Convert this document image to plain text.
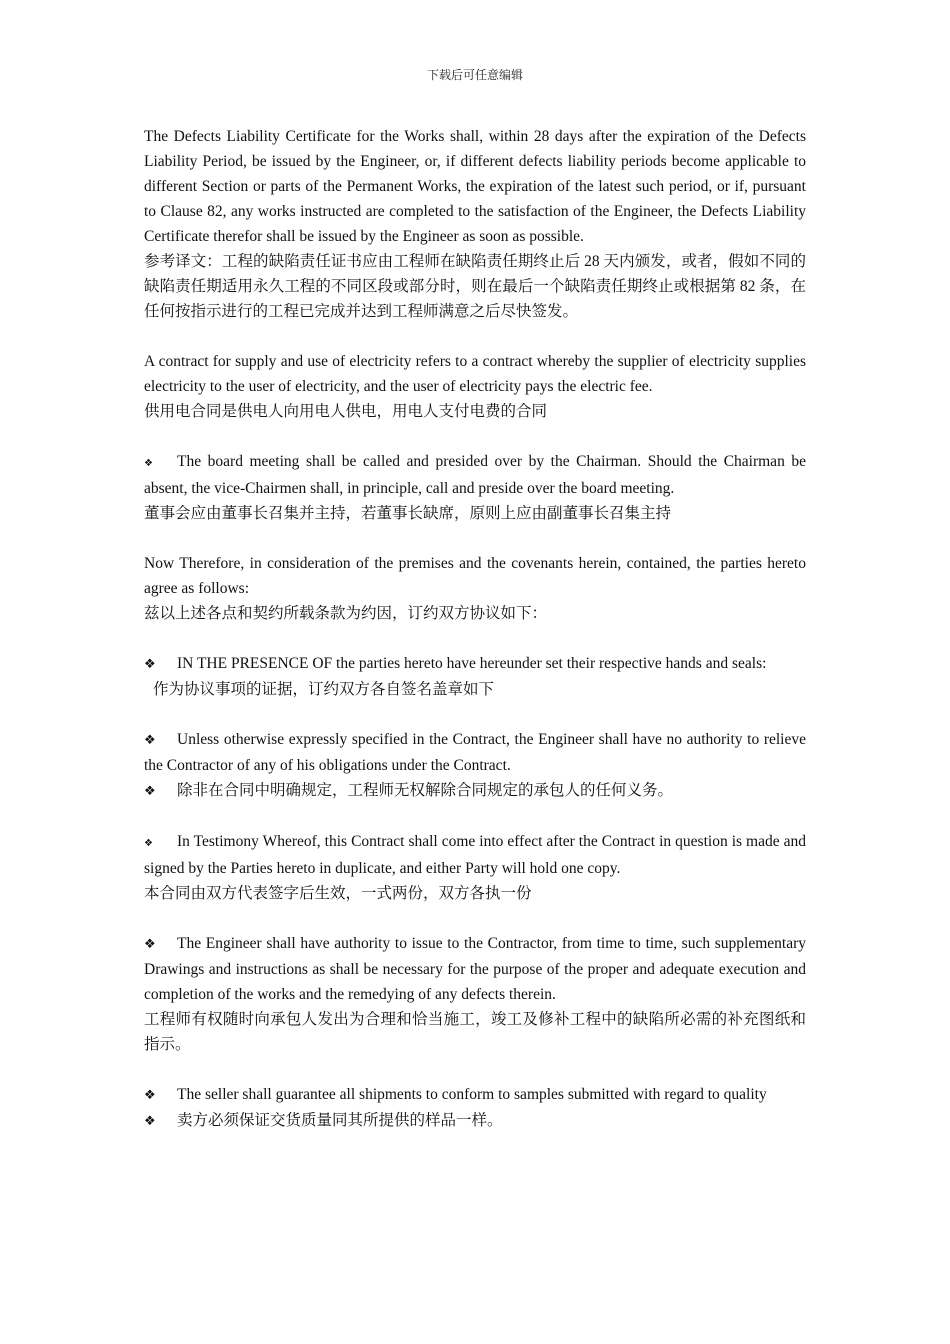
下载后可任意编辑

The Defects Liability Certificate for the Works shall, within 28 days after the expiration of the Defects Liability Period, be issued by the Engineer, or, if different defects liability periods become applicable to different Section or parts of the Permanent Works, the expiration of the latest such period, or if, pursuant to Clause 82, any works instructed are completed to the satisfaction of the Engineer, the Defects Liability Certificate therefor shall be issued by the Engineer as soon as possible.

参考译文：工程的缺陷责任证书应由工程师在缺陷责任期终止后 28 天内颁发，或者，假如不同的缺陷责任期适用永久工程的不同区段或部分时，则在最后一个缺陷责任期终止或根据第 82 条，在任何按指示进行的工程已完成并达到工程师满意之后尽快签发。

A contract for supply and use of electricity refers to a contract whereby the supplier of electricity supplies electricity to the user of electricity, and the user of electricity pays the electric fee.

供用电合同是供电人向用电人供电，用电人支付电费的合同

❖ The board meeting shall be called and presided over by the Chairman. Should the Chairman be absent, the vice-Chairmen shall, in principle, call and preside over the board meeting.

董事会应由董事长召集并主持，若董事长缺席，原则上应由副董事长召集主持

Now Therefore, in consideration of the premises and the covenants herein, contained, the parties hereto agree as follows:

兹以上述各点和契约所载条款为约因，订约双方协议如下：

❖ IN THE PRESENCE OF the parties hereto have hereunder set their respective hands and seals:

作为协议事项的证据，订约双方各自签名盖章如下

❖ Unless otherwise expressly specified in the Contract, the Engineer shall have no authority to relieve the Contractor of any of his obligations under the Contract.

❖ 除非在合同中明确规定，工程师无权解除合同规定的承包人的任何义务。

❖ In Testimony Whereof, this Contract shall come into effect after the Contract in question is made and signed by the Parties hereto in duplicate, and either Party will hold one copy.

本合同由双方代表签字后生效，一式两份，双方各执一份

❖ The Engineer shall have authority to issue to the Contractor, from time to time, such supplementary Drawings and instructions as shall be necessary for the purpose of the proper and adequate execution and completion of the works and the remedying of any defects therein.

工程师有权随时向承包人发出为合理和恰当施工，竣工及修补工程中的缺陷所必需的补充图纸和指示。

❖ The seller shall guarantee all shipments to conform to samples submitted with regard to quality

❖ 卖方必须保证交货质量同其所提供的样品一样。
